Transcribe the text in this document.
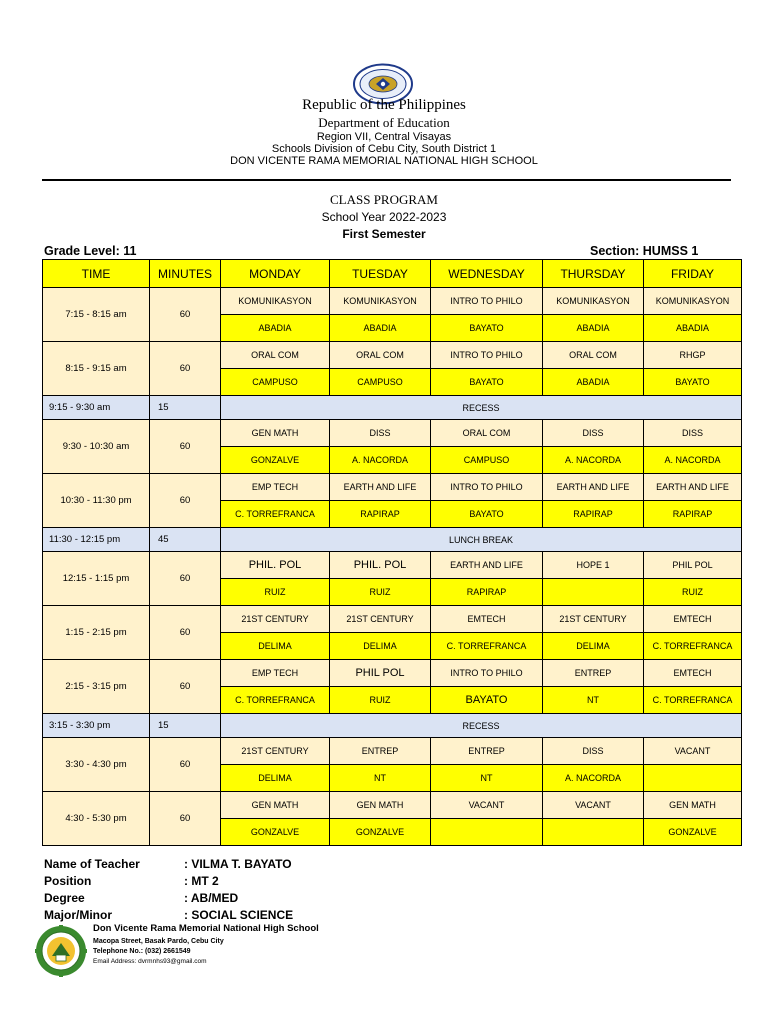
Republic of the Philippines
Department of Education
Region VII, Central Visayas
Schools Division of Cebu City, South District 1
DON VICENTE RAMA MEMORIAL NATIONAL HIGH SCHOOL
CLASS PROGRAM
School Year 2022-2023
First Semester
Grade Level: 11	Section: HUMSS 1
TIME	MINUTES	MONDAY	TUESDAY	WEDNESDAY	THURSDAY	FRIDAY
7:15 - 8:15 am	60	KOMUNIKASYON	KOMUNIKASYON	INTRO TO PHILO	KOMUNIKASYON	KOMUNIKASYON
		ABADIA	ABADIA	BAYATO	ABADIA	ABADIA
8:15 - 9:15 am	60	ORAL COM	ORAL COM	INTRO TO PHILO	ORAL COM	RHGP
		CAMPUSO	CAMPUSO	BAYATO	ABADIA	BAYATO
9:15 - 9:30 am	15	RECESS				
9:30 - 10:30 am	60	GEN MATH	DISS	ORAL COM	DISS	DISS
		GONZALVE	A. NACORDA	CAMPUSO	A. NACORDA	A. NACORDA
10:30 - 11:30 pm	60	EMP TECH	EARTH AND LIFE	INTRO TO PHILO	EARTH AND LIFE	EARTH AND LIFE
		C. TORREFRANCA	RAPIRAP	BAYATO	RAPIRAP	RAPIRAP
11:30 - 12:15 pm	45	LUNCH BREAK				
12:15 - 1:15 pm	60	PHIL. POL	PHIL. POL	EARTH AND LIFE	HOPE 1	PHIL POL
		RUIZ	RUIZ	RAPIRAP		RUIZ
1:15 - 2:15 pm	60	21ST CENTURY	21ST CENTURY	EMTECH	21ST CENTURY	EMTECH
		DELIMA	DELIMA	C. TORREFRANCA	DELIMA	C. TORREFRANCA
2:15 - 3:15 pm	60	EMP TECH	PHIL POL	INTRO TO PHILO	ENTREP	EMTECH
		C. TORREFRANCA	RUIZ	BAYATO	NT	C. TORREFRANCA
3:15 - 3:30 pm	15	RECESS				
3:30 - 4:30 pm	60	21ST CENTURY	ENTREP	ENTREP	DISS	VACANT
		DELIMA	NT	NT	A. NACORDA	
4:30 - 5:30 pm	60	GEN MATH	GEN MATH	VACANT	VACANT	GEN MATH
		GONZALVE	GONZALVE			GONZALVE
Name of Teacher	: VILMA T. BAYATO
Position	: MT 2
Degree	: AB/MED
Major/Minor	: SOCIAL SCIENCE
Don Vicente Rama Memorial National High School
Macopa Street, Basak Pardo, Cebu City
Telephone No.: (032) 2661549
Email Address: dvrmnhs93@gmail.com
